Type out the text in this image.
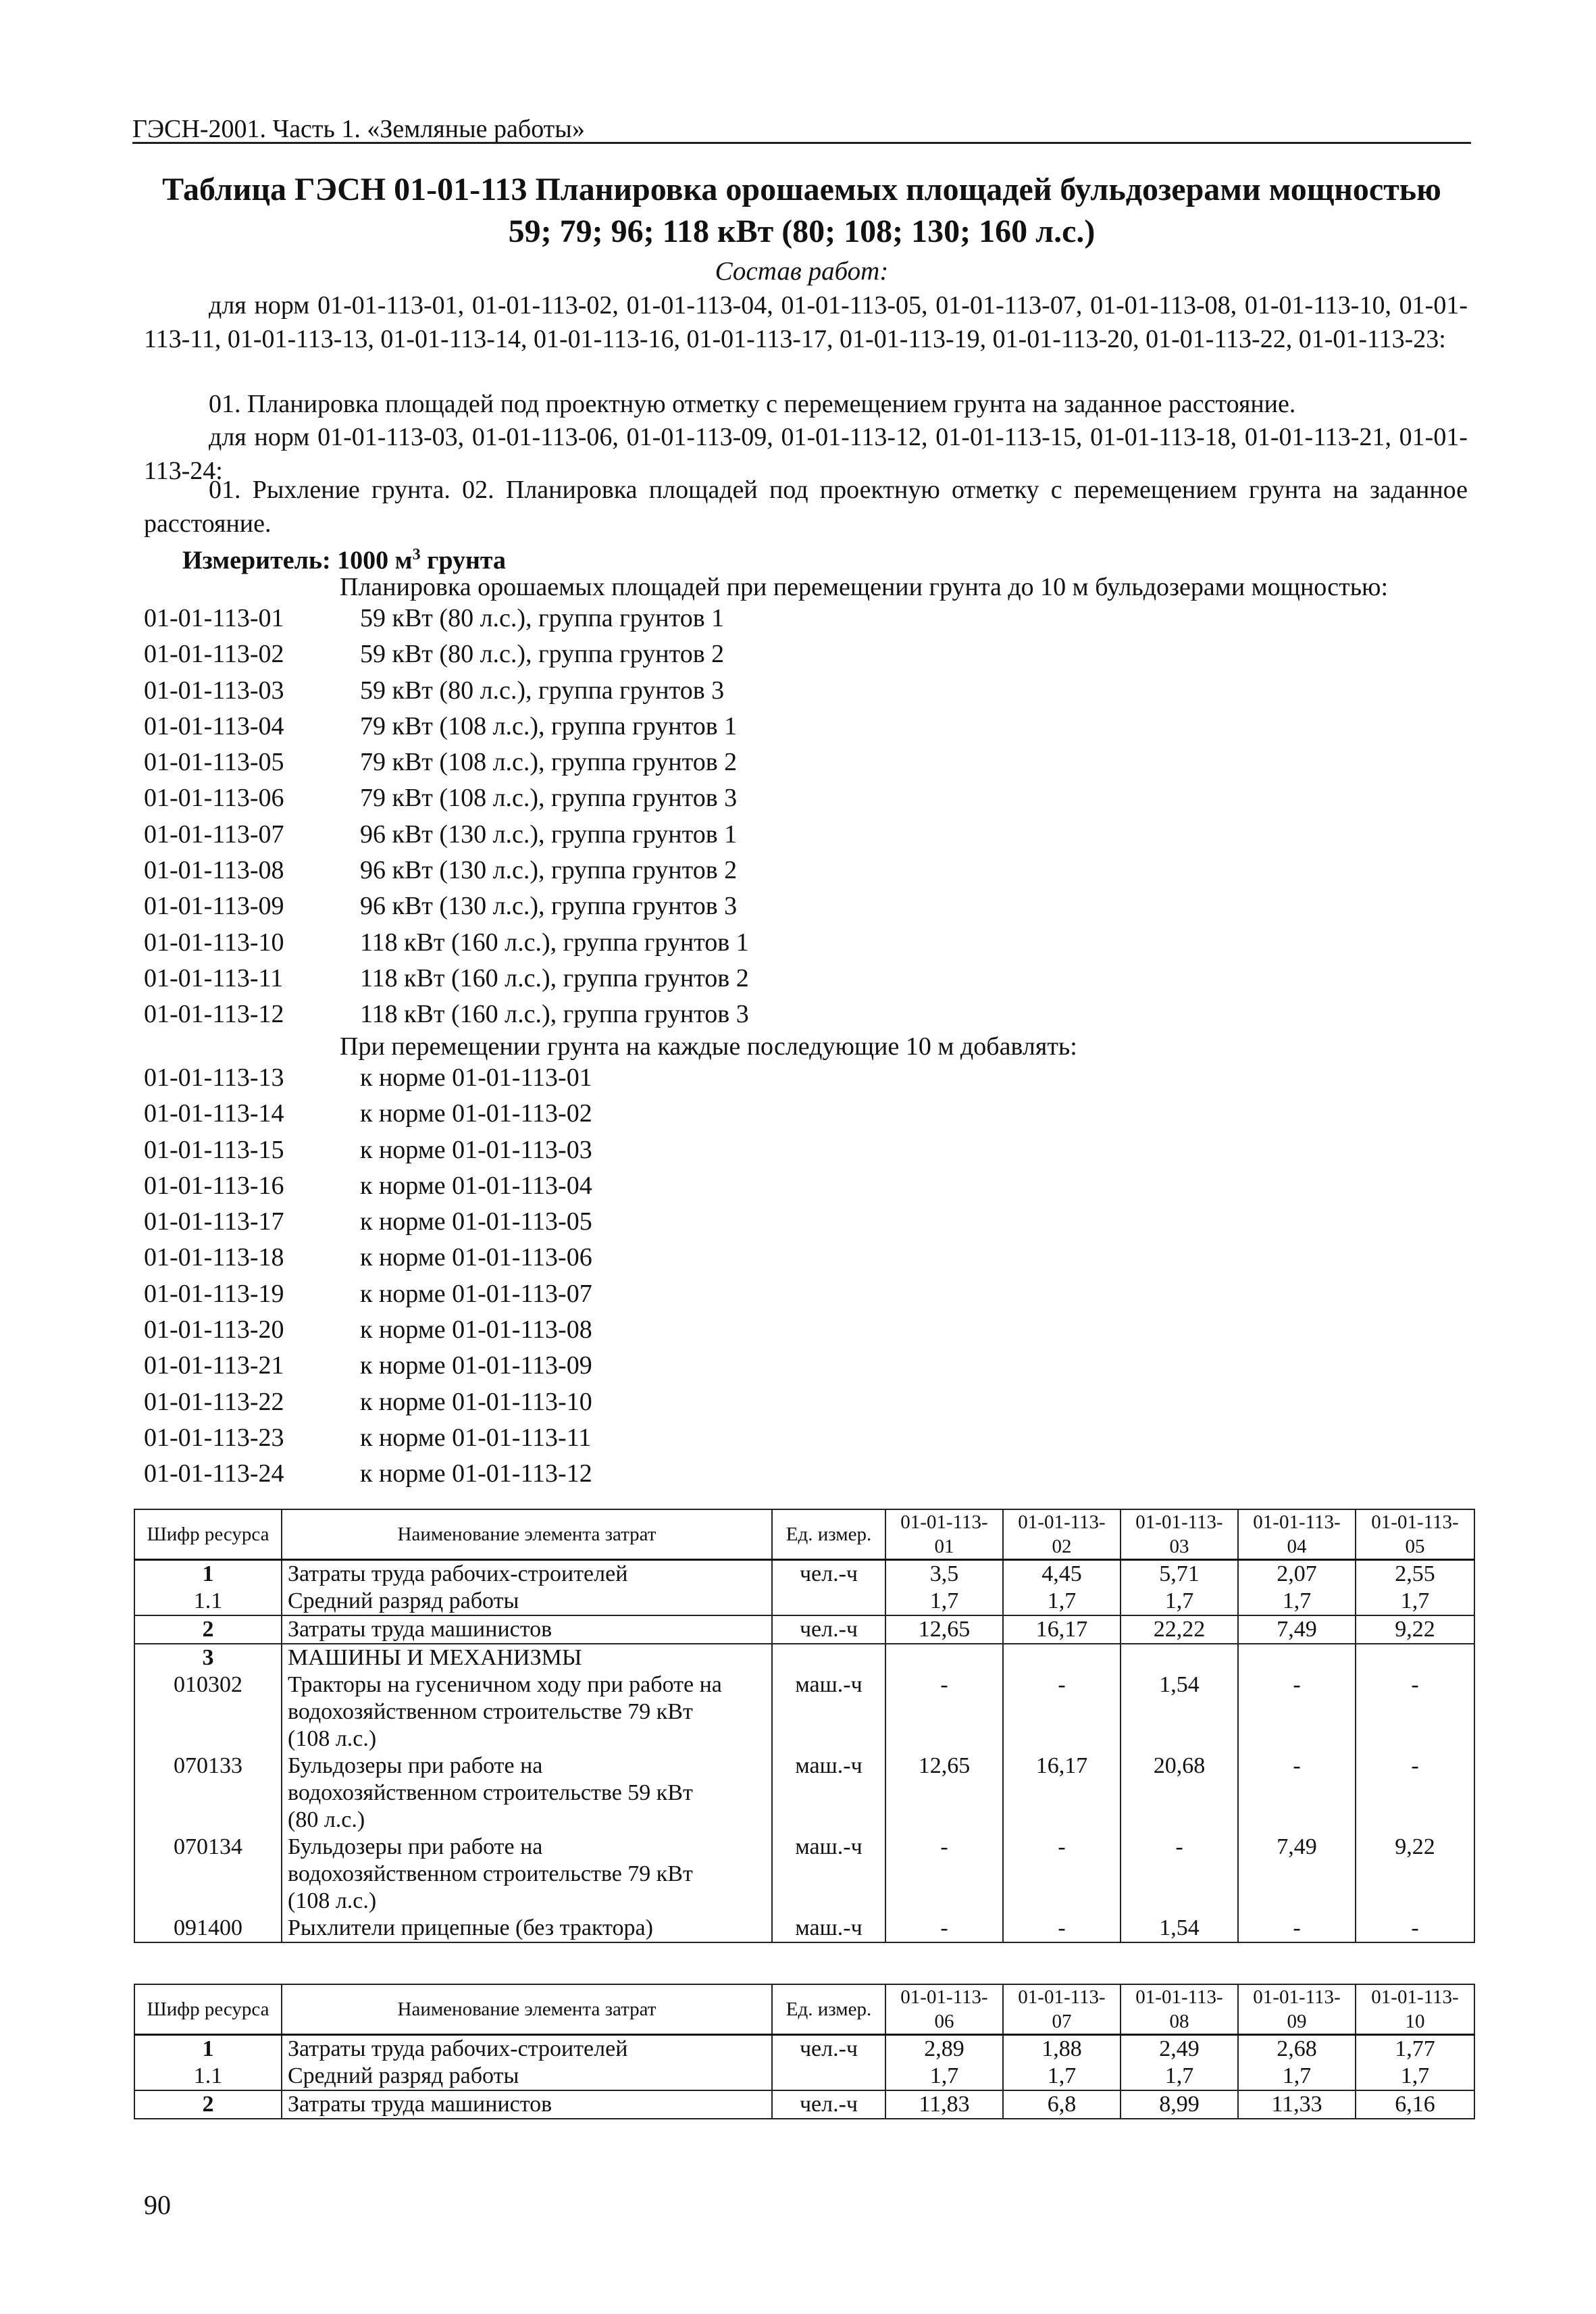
ГЭСН-2001. Часть 1. «Земляные работы»
Таблица ГЭСН 01-01-113 Планировка орошаемых площадей бульдозерами мощностью
59; 79; 96; 118 кВт (80; 108; 130; 160 л.с.)
Состав работ:
для норм 01-01-113-01, 01-01-113-02, 01-01-113-04, 01-01-113-05, 01-01-113-07, 01-01-113-08, 01-01-113-10, 01-01-113-11, 01-01-113-13, 01-01-113-14, 01-01-113-16, 01-01-113-17, 01-01-113-19, 01-01-113-20, 01-01-113-22, 01-01-113-23:
01. Планировка площадей под проектную отметку с перемещением грунта на заданное расстояние.
для норм 01-01-113-03, 01-01-113-06, 01-01-113-09, 01-01-113-12, 01-01-113-15, 01-01-113-18, 01-01-113-21, 01-01-113-24:
01. Рыхление грунта. 02. Планировка площадей под проектную отметку с перемещением грунта на заданное расстояние.
Измеритель: 1000 $м^3$ грунта
Планировка орошаемых площадей при перемещении грунта до 10 м бульдозерами мощностью:
01-01-113-01	59 кВт (80 л.с.), группа грунтов 1
01-01-113-02	59 кВт (80 л.с.), группа грунтов 2
01-01-113-03	59 кВт (80 л.с.), группа грунтов 3
01-01-113-04	79 кВт (108 л.с.), группа грунтов 1
01-01-113-05	79 кВт (108 л.с.), группа грунтов 2
01-01-113-06	79 кВт (108 л.с.), группа грунтов 3
01-01-113-07	96 кВт (130 л.с.), группа грунтов 1
01-01-113-08	96 кВт (130 л.с.), группа грунтов 2
01-01-113-09	96 кВт (130 л.с.), группа грунтов 3
01-01-113-10	118 кВт (160 л.с.), группа грунтов 1
01-01-113-11	118 кВт (160 л.с.), группа грунтов 2
01-01-113-12	118 кВт (160 л.с.), группа грунтов 3
При перемещении грунта на каждые последующие 10 м добавлять:
01-01-113-13	к норме 01-01-113-01
01-01-113-14	к норме 01-01-113-02
01-01-113-15	к норме 01-01-113-03
01-01-113-16	к норме 01-01-113-04
01-01-113-17	к норме 01-01-113-05
01-01-113-18	к норме 01-01-113-06
01-01-113-19	к норме 01-01-113-07
01-01-113-20	к норме 01-01-113-08
01-01-113-21	к норме 01-01-113-09
01-01-113-22	к норме 01-01-113-10
01-01-113-23	к норме 01-01-113-11
01-01-113-24	к норме 01-01-113-12
Шифр ресурса	Наименование элемента затрат	Ед. измер.	01-01-113-01	01-01-113-02	01-01-113-03	01-01-113-04	01-01-113-05
1	Затраты труда рабочих-строителей	чел.-ч	3,5	4,45	5,71	2,07	2,55
1.1	Средний разряд работы		1,7	1,7	1,7	1,7	1,7
2	Затраты труда машинистов	чел.-ч	12,65	16,17	22,22	7,49	9,22
3	МАШИНЫ И МЕХАНИЗМЫ						
010302	Тракторы на гусеничном ходу при работе на
водохозяйственном строительстве 79 кВт
(108 л.с.)	маш.-ч	-	-	1,54	-	-
070133	Бульдозеры при работе на
водохозяйственном строительстве 59 кВт
(80 л.с.)	маш.-ч	12,65	16,17	20,68	-	-
070134	Бульдозеры при работе на
водохозяйственном строительстве 79 кВт
(108 л.с.)	маш.-ч	-	-	-	7,49	9,22
091400	Рыхлители прицепные (без трактора)	маш.-ч	-	-	1,54	-	-
Шифр ресурса	Наименование элемента затрат	Ед. измер.	01-01-113-06	01-01-113-07	01-01-113-08	01-01-113-09	01-01-113-10
1	Затраты труда рабочих-строителей	чел.-ч	2,89	1,88	2,49	2,68	1,77
1.1	Средний разряд работы		1,7	1,7	1,7	1,7	1,7
2	Затраты труда машинистов	чел.-ч	11,83	6,8	8,99	11,33	6,16
90
